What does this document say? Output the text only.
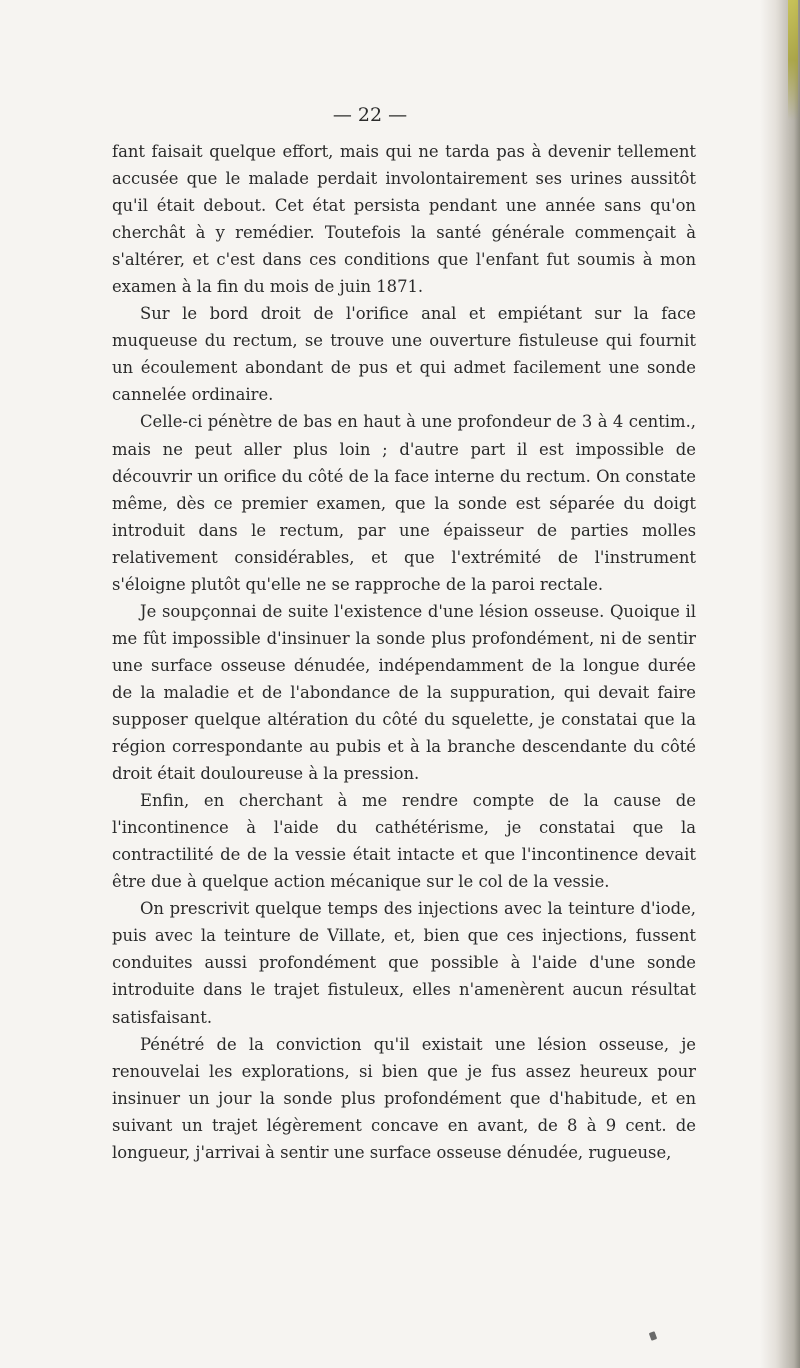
— 22 —

fant faisait quelque effort, mais qui ne tarda pas à devenir tellement accusée que le malade perdait involontairement ses urines aussitôt qu'il était debout. Cet état persista pendant une année sans qu'on cherchât à y remédier. Toutefois la santé générale commençait à s'altérer, et c'est dans ces conditions que l'enfant fut soumis à mon examen à la fin du mois de juin 1871.

Sur le bord droit de l'orifice anal et empiétant sur la face muqueuse du rectum, se trouve une ouverture fistuleuse qui fournit un écoulement abondant de pus et qui admet facilement une sonde cannelée ordinaire.

Celle-ci pénètre de bas en haut à une profondeur de 3 à 4 centim., mais ne peut aller plus loin ; d'autre part il est impossible de découvrir un orifice du côté de la face interne du rectum. On constate même, dès ce premier examen, que la sonde est séparée du doigt introduit dans le rectum, par une épaisseur de parties molles relativement considérables, et que l'extrémité de l'instrument s'éloigne plutôt qu'elle ne se rapproche de la paroi rectale.

Je soupçonnai de suite l'existence d'une lésion osseuse. Quoique il me fût impossible d'insinuer la sonde plus profondément, ni de sentir une surface osseuse dénudée, indépendamment de la longue durée de la maladie et de l'abondance de la suppuration, qui devait faire supposer quelque altération du côté du squelette, je constatai que la région correspondante au pubis et à la branche descendante du côté droit était douloureuse à la pression.

Enfin, en cherchant à me rendre compte de la cause de l'incontinence à l'aide du cathétérisme, je constatai que la contractilité de de la vessie était intacte et que l'incontinence devait être due à quelque action mécanique sur le col de la vessie.

On prescrivit quelque temps des injections avec la teinture d'iode, puis avec la teinture de Villate, et, bien que ces injections, fussent conduites aussi profondément que possible à l'aide d'une sonde introduite dans le trajet fistuleux, elles n'amenèrent aucun résultat satisfaisant.

Pénétré de la conviction qu'il existait une lésion osseuse, je renouvelai les explorations, si bien que je fus assez heureux pour insinuer un jour la sonde plus profondément que d'habitude, et en suivant un trajet légèrement concave en avant, de 8 à 9 cent. de longueur, j'arrivai à sentir une surface osseuse dénudée, rugueuse,
